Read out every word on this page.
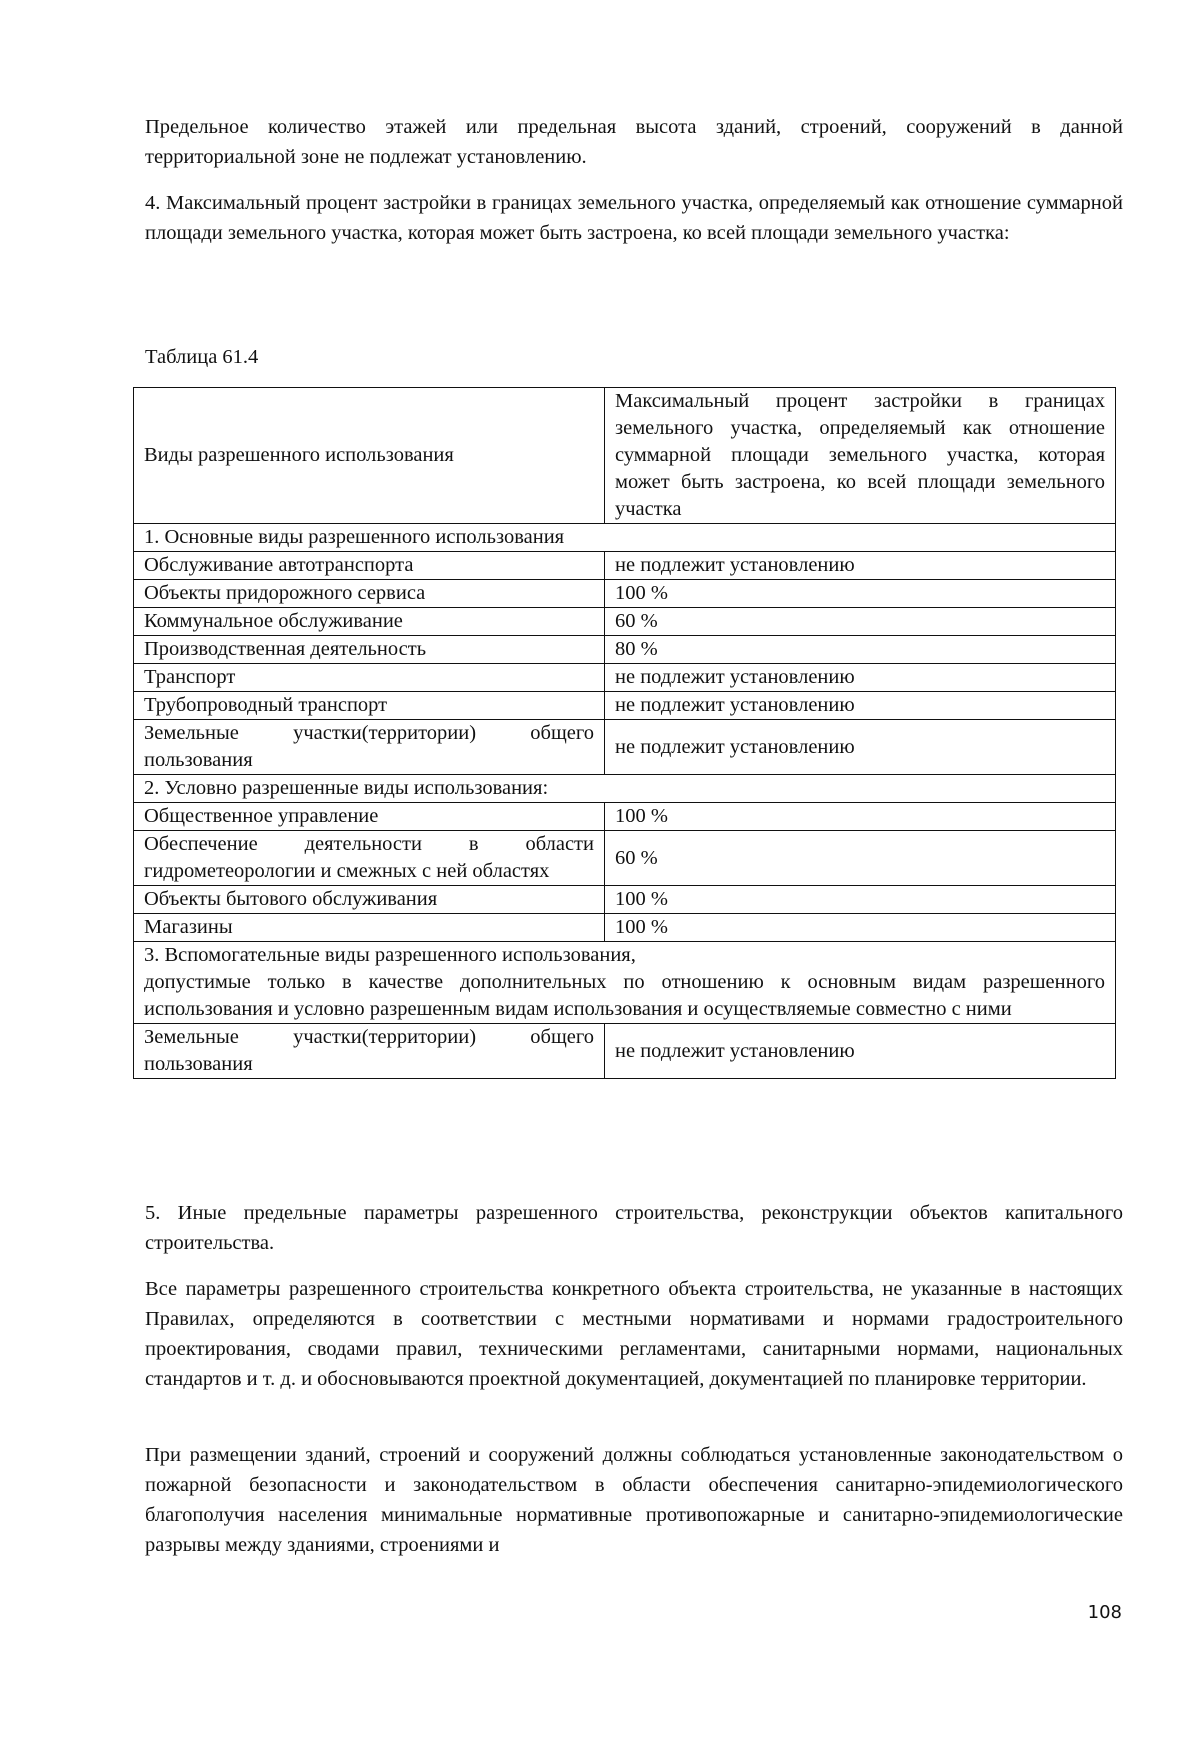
Предельное количество этажей или предельная высота зданий, строений, сооружений в данной территориальной зоне не подлежат установлению.

4. Максимальный процент застройки в границах земельного участка, определяемый как отношение суммарной площади земельного участка, которая может быть застроена, ко всей площади земельного участка:

Таблица 61.4

Виды разрешенного использования	Максимальный процент застройки в границах земельного участка, определяемый как отношение суммарной площади земельного участка, которая может быть застроена, ко всей площади земельного участка
1. Основные виды разрешенного использования	
Обслуживание автотранспорта	не подлежит установлению
Объекты придорожного сервиса	100 %
Коммунальное обслуживание	60 %
Производственная деятельность	80 %
Транспорт	не подлежит установлению
Трубопроводный транспорт	не подлежит установлению
Земельные участки(территории) общего пользования	не подлежит установлению
2. Условно разрешенные виды использования:	
Общественное управление	100 %
Обеспечение деятельности в области гидрометеорологии и смежных с ней областях	60 %
Объекты бытового обслуживания	100 %
Магазины	100 %

3. Вспомогательные виды разрешенного использования,
допустимые только в качестве дополнительных по отношению к основным видам разрешенного использования и условно разрешенным видам использования и осуществляемые совместно с ними	
Земельные участки(территории) общего пользования	не подлежит установлению

5. Иные предельные параметры разрешенного строительства, реконструкции объектов капитального строительства.

Все параметры разрешенного строительства конкретного объекта строительства, не указанные в настоящих Правилах, определяются в соответствии с местными нормативами и нормами градостроительного проектирования, сводами правил, техническими регламентами, санитарными нормами, национальных стандартов и т. д. и обосновываются проектной документацией, документацией по планировке территории.

При размещении зданий, строений и сооружений должны соблюдаться установленные законодательством о пожарной безопасности и законодательством в области обеспечения санитарно-эпидемиологического благополучия населения минимальные нормативные противопожарные и санитарно-эпидемиологические разрывы между зданиями, строениями и

108
